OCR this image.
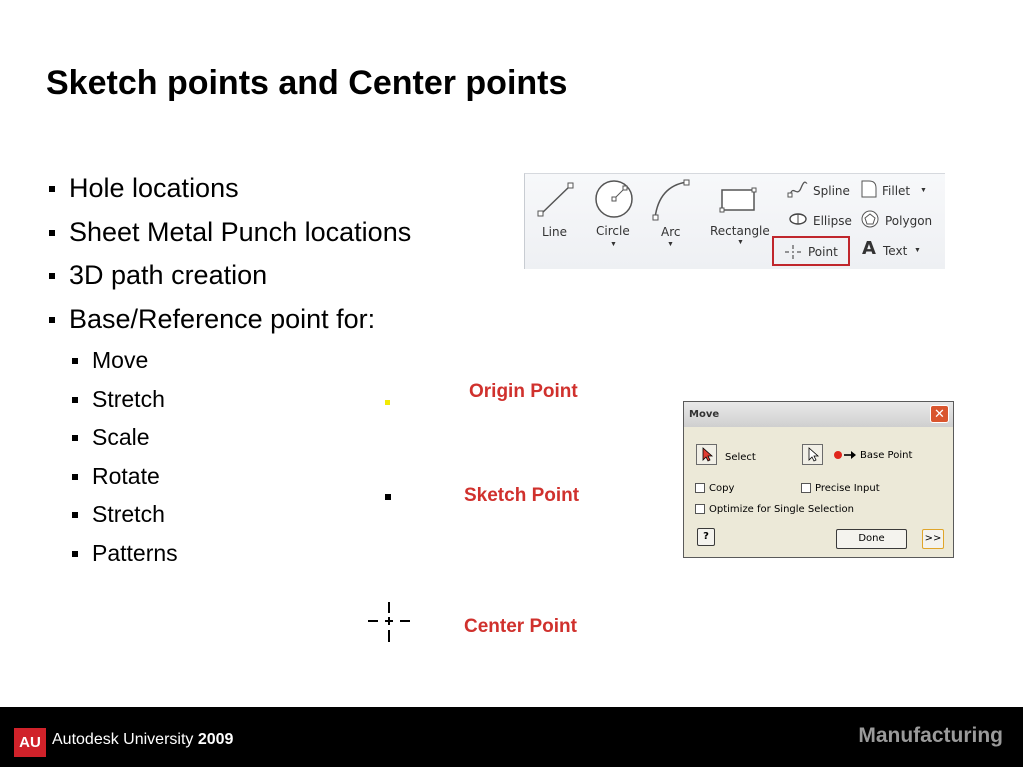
Sketch points and Center points
Hole locations
Sheet Metal Punch locations
3D path creation
Base/Reference point for:
Move
Stretch
Scale
Rotate
Stretch
Patterns
Line Circle
▼
Arc
▼
Rectangle
▼
Spline
Ellipse
Point
Fillet ▼
Polygon
A Text ▼
Origin Point
Sketch Point
Center Point
Move	✕
Select	Base Point
Copy	Precise Input
Optimize for Single Selection
?	Done	>>
AU Autodesk University 2009	Manufacturing
